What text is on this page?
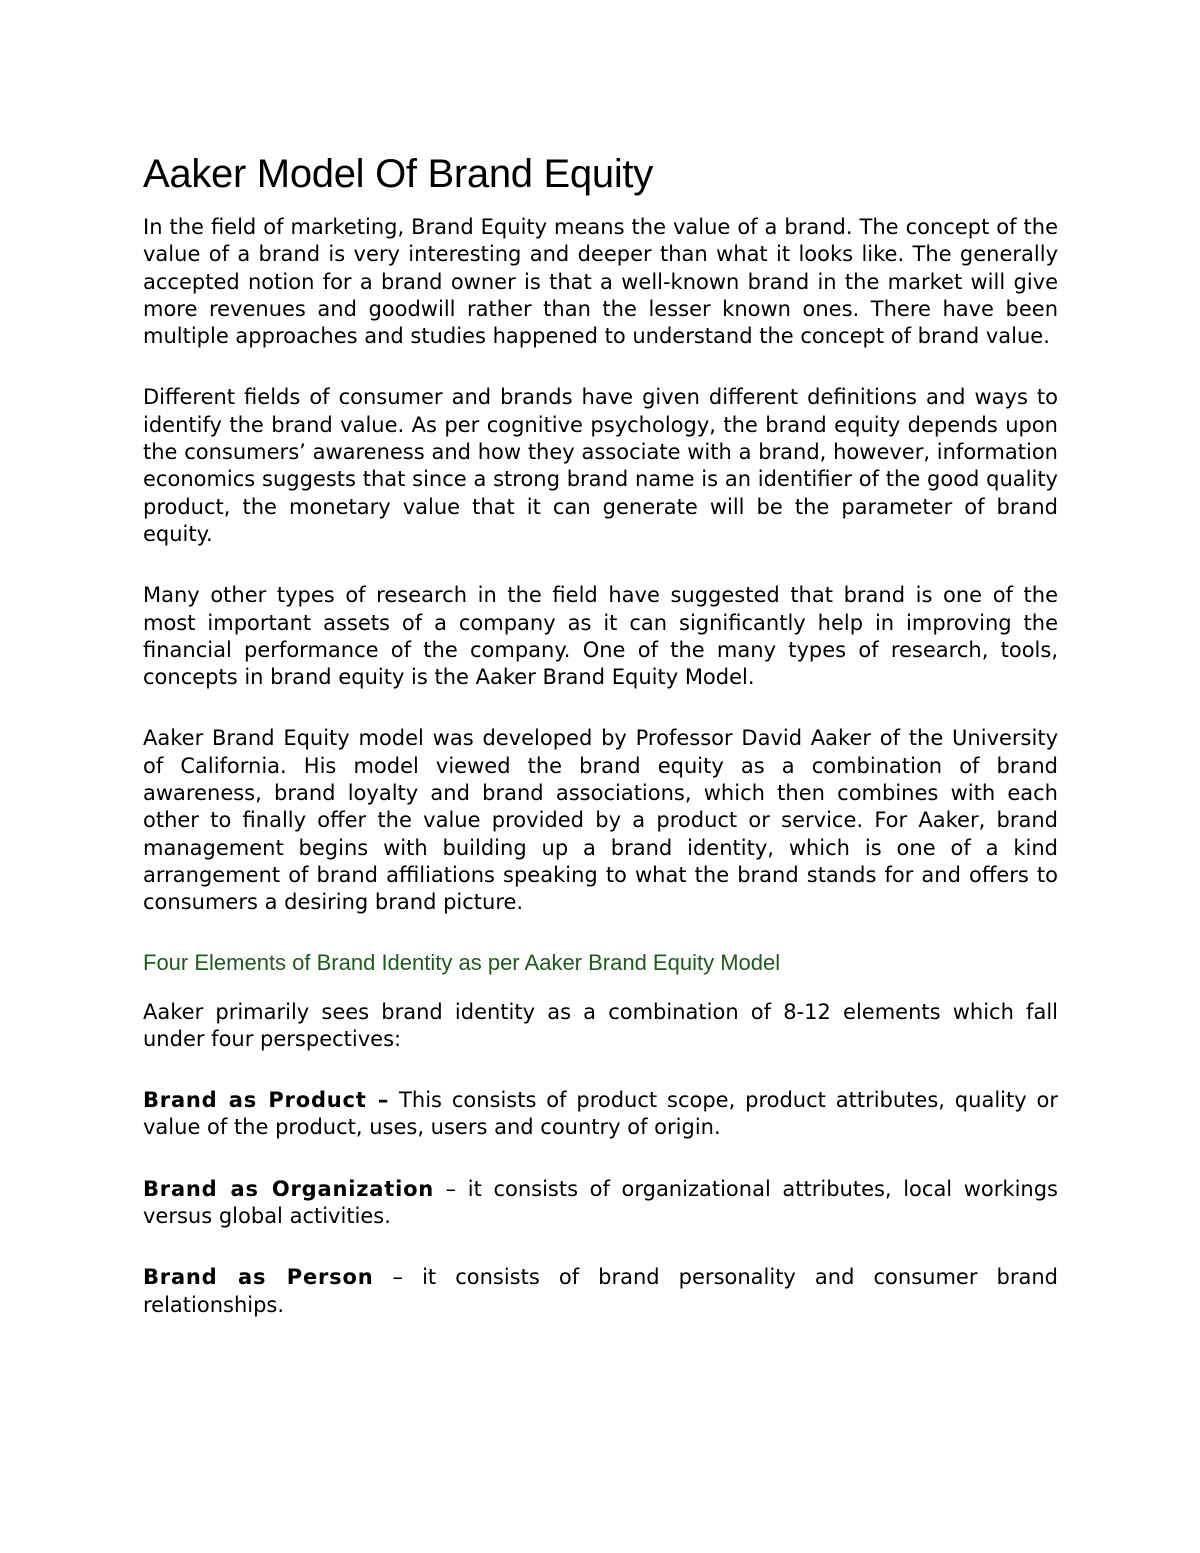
Aaker Model Of Brand Equity

In the field of marketing, Brand Equity means the value of a brand. The concept of the value of a brand is very interesting and deeper than what it looks like. The generally accepted notion for a brand owner is that a well-known brand in the market will give more revenues and goodwill rather than the lesser known ones. There have been multiple approaches and studies happened to understand the concept of brand value.

Different fields of consumer and brands have given different definitions and ways to identify the brand value. As per cognitive psychology, the brand equity depends upon the consumers’ awareness and how they associate with a brand, however, information economics suggests that since a strong brand name is an identifier of the good quality product, the monetary value that it can generate will be the parameter of brand equity.

Many other types of research in the field have suggested that brand is one of the most important assets of a company as it can significantly help in improving the financial performance of the company. One of the many types of research, tools, concepts in brand equity is the Aaker Brand Equity Model.

Aaker Brand Equity model was developed by Professor David Aaker of the University of California. His model viewed the brand equity as a combination of brand awareness, brand loyalty and brand associations, which then combines with each other to finally offer the value provided by a product or service. For Aaker, brand management begins with building up a brand identity, which is one of a kind arrangement of brand affiliations speaking to what the brand stands for and offers to consumers a desiring brand picture.

Four Elements of Brand Identity as per Aaker Brand Equity Model

Aaker primarily sees brand identity as a combination of 8-12 elements which fall under four perspectives:

Brand as Product – This consists of product scope, product attributes, quality or value of the product, uses, users and country of origin.

Brand as Organization – it consists of organizational attributes, local workings versus global activities.

Brand as Person – it consists of brand personality and consumer brand relationships.
